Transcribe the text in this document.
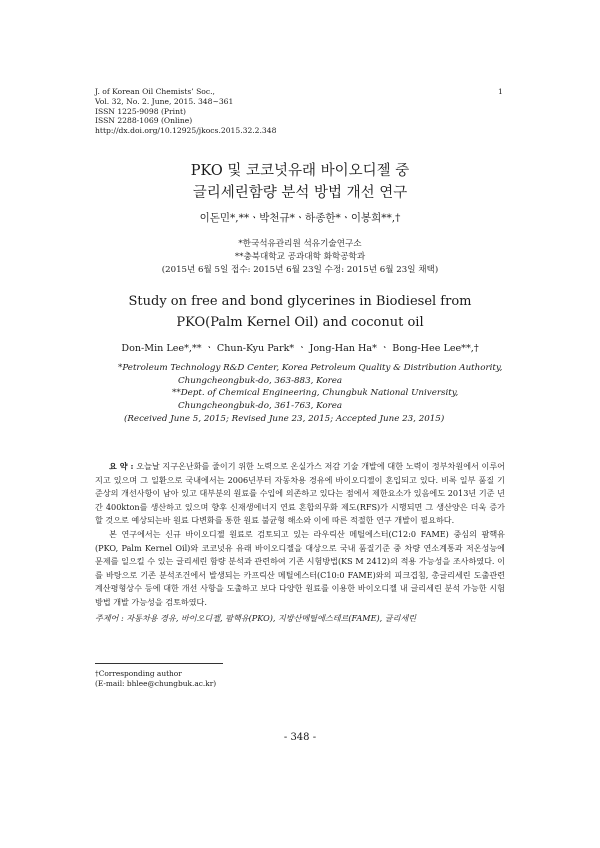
J. of Korean Oil Chemists’ Soc.,
Vol. 32, No. 2. June, 2015. 348~361
ISSN 1225-9098 (Print)
ISSN 2288-1069 (Online)
http://dx.doi.org/10.12925/jkocs.2015.32.2.348
1
PKO 및 코코넛유래 바이오디젤 중
글리세린함량 분석 방법 개선 연구
이돈민*,**ㆍ박천규*ㆍ하종한*ㆍ이봉희**,†
*한국석유관리원 석유기술연구소
**충북대학교 공과대학 화학공학과
(2015년 6월 5일 접수: 2015년 6월 23일 수정: 2015년 6월 23일 채택)
Study on free and bond glycerines in Biodiesel from
PKO(Palm Kernel Oil) and coconut oil
Don-Min Lee*,** ㆍ Chun-Kyu Park* ㆍ Jong-Han Ha* ㆍ Bong-Hee Lee**,†
*Petroleum Technology R&D Center, Korea Petroleum Quality & Distribution Authority,
Chungcheongbuk-do, 363-883, Korea
**Dept. of Chemical Engineering, Chungbuk National University,
Chungcheongbuk-do, 361-763, Korea
(Received June 5, 2015; Revised June 23, 2015; Accepted June 23, 2015)

요 약 : 오늘날 지구온난화를 줄이기 위한 노력으로 온실가스 저감 기술 개발에 대한 노력이 정부차원에서 이루어지고 있으며 그 일환으로 국내에서는 2006년부터 자동차용 경유에 바이오디젤이 혼입되고 있다. 비록 일부 품질 기준상의 개선사항이 남아 있고 대부분의 원료를 수입에 의존하고 있다는 점에서 제한요소가 있음에도 2013년 기준 년간 400kton를 생산하고 있으며 향후 신재생에너지 연료 혼합의무화 제도(RFS)가 시행되면 그 생산양은 더욱 증가할 것으로 예상되는바 원료 다변화를 통한 원료 불균형 해소와 이에 따른 적절한 연구 개발이 필요하다.

본 연구에서는 신규 바이오디젤 원료로 검토되고 있는 라우릭산 메틸에스터(C12:0 FAME) 중심의 팜핵유(PKO, Palm Kernel Oil)와 코코넛유 유래 바이오디젤을 대상으로 국내 품질기준 중 차량 연소계통과 저온성능에 문제를 일으킬 수 있는 글리세린 함량 분석과 관련하여 기존 시험방법(KS M 2412)의 적용 가능성을 조사하였다. 이를 바탕으로 기존 분석조건에서 발생되는 카프릭산 메틸에스터(C10:0 FAME)와의 피크겹침, 총글리세린 도출관련 계산평형상수 등에 대한 개선 사항을 도출하고 보다 다양한 원료를 이용한 바이오디젤 내 글리세린 분석 가능한 시험방법 개발 가능성을 검토하였다.

주제어 : 자동차용 경유, 바이오디젤, 팜핵유(PKO), 지방산메틸에스테르(FAME), 글리세린
†Corresponding author
(E-mail: bhlee@chungbuk.ac.kr)
- 348 -
